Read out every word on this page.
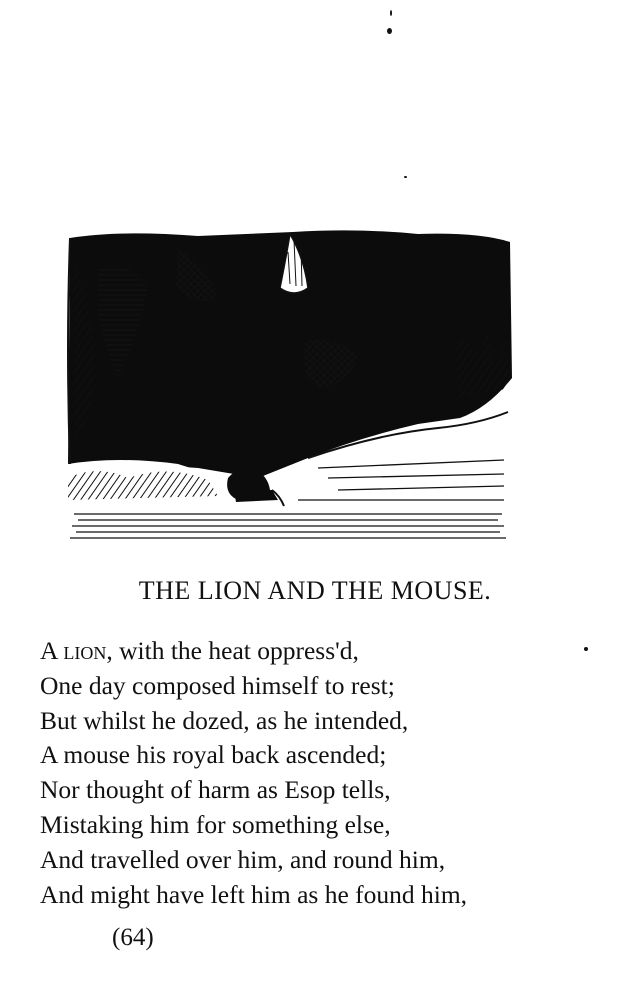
THE LION AND THE MOUSE.
A lion, with the heat oppress'd,
One day composed himself to rest;
But whilst he dozed, as he intended,
A mouse his royal back ascended;
Nor thought of harm as Esop tells,
Mistaking him for something else,
And travelled over him, and round him,
And might have left him as he found him,
(64)
